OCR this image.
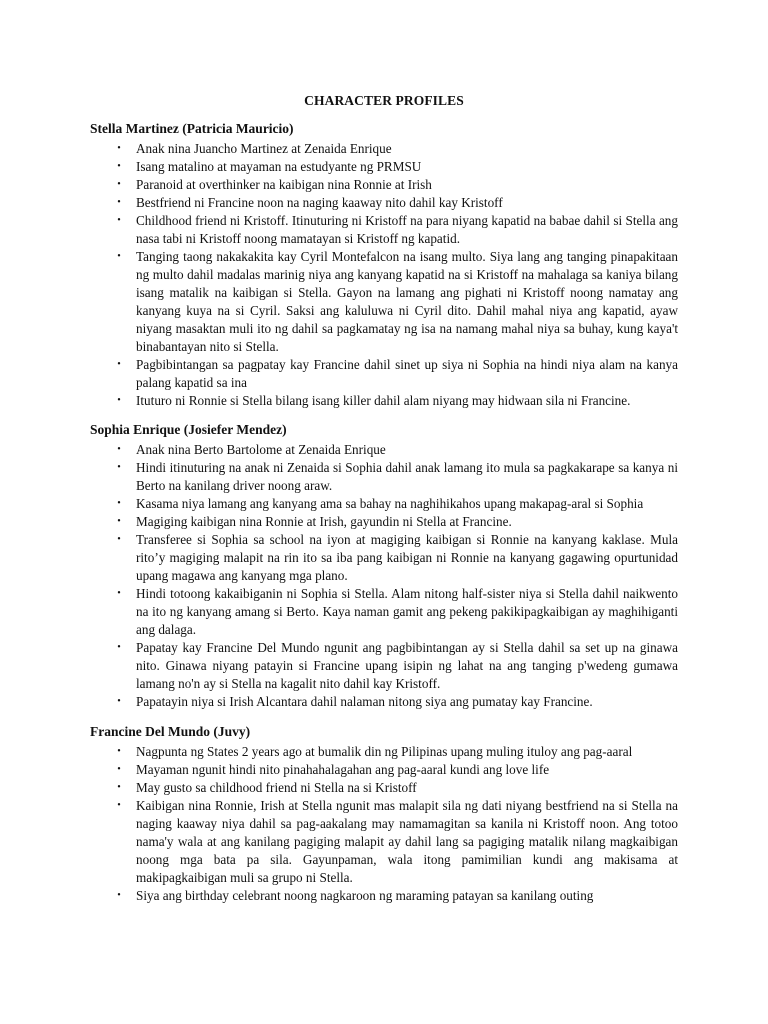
CHARACTER PROFILES
Stella Martinez (Patricia Mauricio)
• Anak nina Juancho Martinez at Zenaida Enrique
• Isang matalino at mayaman na estudyante ng PRMSU
• Paranoid at overthinker na kaibigan nina Ronnie at Irish
• Bestfriend ni Francine noon na naging kaaway nito dahil kay Kristoff
• Childhood friend ni Kristoff. Itinuturing ni Kristoff na para niyang kapatid na babae dahil si Stella ang nasa tabi ni Kristoff noong mamatayan si Kristoff ng kapatid.
• Tanging taong nakakakita kay Cyril Montefalcon na isang multo. Siya lang ang tanging pinapakitaan ng multo dahil madalas marinig niya ang kanyang kapatid na si Kristoff na mahalaga sa kaniya bilang isang matalik na kaibigan si Stella. Gayon na lamang ang pighati ni Kristoff noong namatay ang kanyang kuya na si Cyril. Saksi ang kaluluwa ni Cyril dito. Dahil mahal niya ang kapatid, ayaw niyang masaktan muli ito ng dahil sa pagkamatay ng isa na namang mahal niya sa buhay, kung kaya't binabantayan nito si Stella.
• Pagbibintangan sa pagpatay kay Francine dahil sinet up siya ni Sophia na hindi niya alam na kanya palang kapatid sa ina
• Ituturo ni Ronnie si Stella bilang isang killer dahil alam niyang may hidwaan sila ni Francine.
Sophia Enrique (Josiefer Mendez)
• Anak nina Berto Bartolome at Zenaida Enrique
• Hindi itinuturing na anak ni Zenaida si Sophia dahil anak lamang ito mula sa pagkakarape sa kanya ni Berto na kanilang driver noong araw.
• Kasama niya lamang ang kanyang ama sa bahay na naghihikahos upang makapag-aral si Sophia
• Magiging kaibigan nina Ronnie at Irish, gayundin ni Stella at Francine.
• Transferee si Sophia sa school na iyon at magiging kaibigan si Ronnie na kanyang kaklase. Mula rito’y magiging malapit na rin ito sa iba pang kaibigan ni Ronnie na kanyang gagawing opurtunidad upang magawa ang kanyang mga plano.
• Hindi totoong kakaibiganin ni Sophia si Stella. Alam nitong half-sister niya si Stella dahil naikwento na ito ng kanyang amang si Berto. Kaya naman gamit ang pekeng pakikipagkaibigan ay maghihiganti ang dalaga.
• Papatay kay Francine Del Mundo ngunit ang pagbibintangan ay si Stella dahil sa set up na ginawa nito. Ginawa niyang patayin si Francine upang isipin ng lahat na ang tanging p'wedeng gumawa lamang no'n ay si Stella na kagalit nito dahil kay Kristoff.
• Papatayin niya si Irish Alcantara dahil nalaman nitong siya ang pumatay kay Francine.
Francine Del Mundo (Juvy)
• Nagpunta ng States 2 years ago at bumalik din ng Pilipinas upang muling ituloy ang pag-aaral
• Mayaman ngunit hindi nito pinahahalagahan ang pag-aaral kundi ang love life
• May gusto sa childhood friend ni Stella na si Kristoff
• Kaibigan nina Ronnie, Irish at Stella ngunit mas malapit sila ng dati niyang bestfriend na si Stella na naging kaaway niya dahil sa pag-aakalang may namamagitan sa kanila ni Kristoff noon. Ang totoo nama'y wala at ang kanilang pagiging malapit ay dahil lang sa pagiging matalik nilang magkaibigan noong mga bata pa sila. Gayunpaman, wala itong pamimilian kundi ang makisama at makipagkaibigan muli sa grupo ni Stella.
• Siya ang birthday celebrant noong nagkaroon ng maraming patayan sa kanilang outing
